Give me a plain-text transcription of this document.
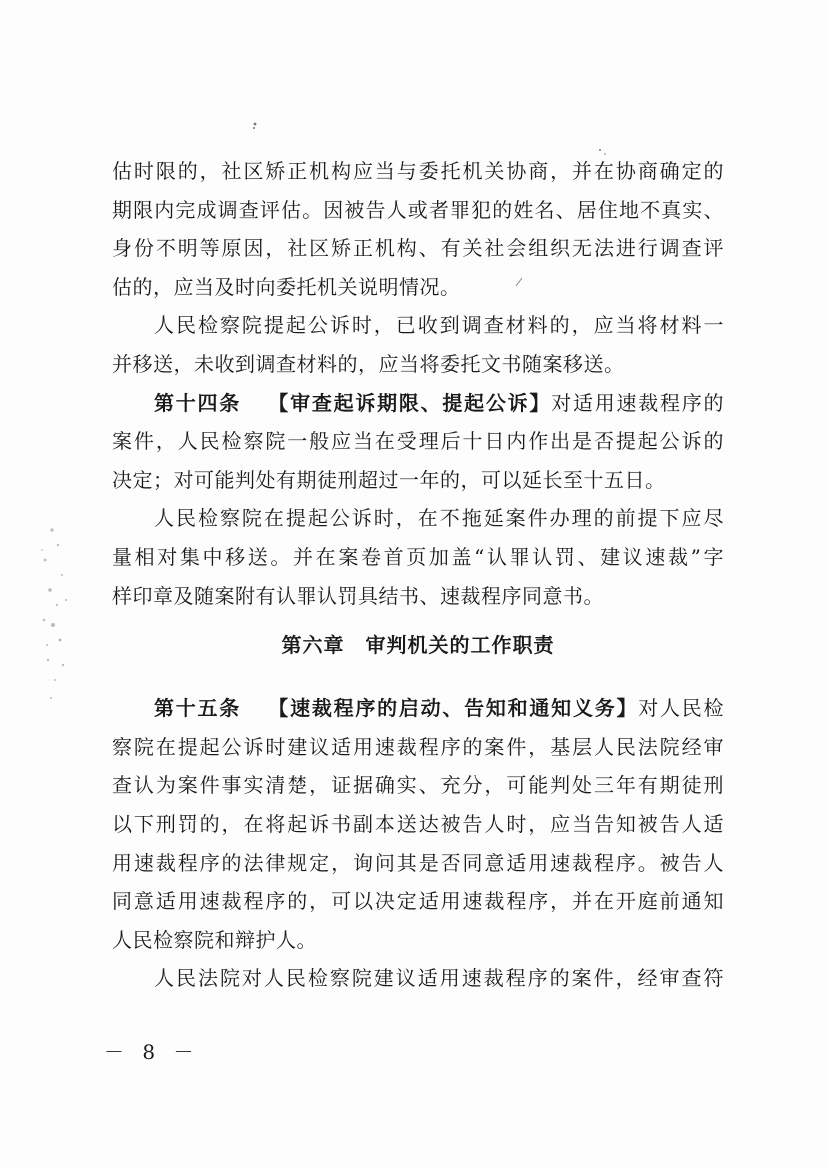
估时限的，社区矫正机构应当与委托机关协商，并在协商确定的
期限内完成调查评估。因被告人或者罪犯的姓名、居住地不真实、
身份不明等原因，社区矫正机构、有关社会组织无法进行调查评
估的，应当及时向委托机关说明情况。
人民检察院提起公诉时，已收到调查材料的，应当将材料一
并移送，未收到调查材料的，应当将委托文书随案移送。
第十四条 【审查起诉期限、提起公诉】对适用速裁程序的
案件，人民检察院一般应当在受理后十日内作出是否提起公诉的
决定；对可能判处有期徒刑超过一年的，可以延长至十五日。
人民检察院在提起公诉时，在不拖延案件办理的前提下应尽
量相对集中移送。并在案卷首页加盖“认罪认罚、建议速裁”字
样印章及随案附有认罪认罚具结书、速裁程序同意书。
第六章　审判机关的工作职责
第十五条 【速裁程序的启动、告知和通知义务】对人民检
察院在提起公诉时建议适用速裁程序的案件，基层人民法院经审
查认为案件事实清楚，证据确实、充分，可能判处三年有期徒刑
以下刑罚的，在将起诉书副本送达被告人时，应当告知被告人适
用速裁程序的法律规定，询问其是否同意适用速裁程序。被告人
同意适用速裁程序的，可以决定适用速裁程序，并在开庭前通知
人民检察院和辩护人。
人民法院对人民检察院建议适用速裁程序的案件，经审查符
－ 8 －
